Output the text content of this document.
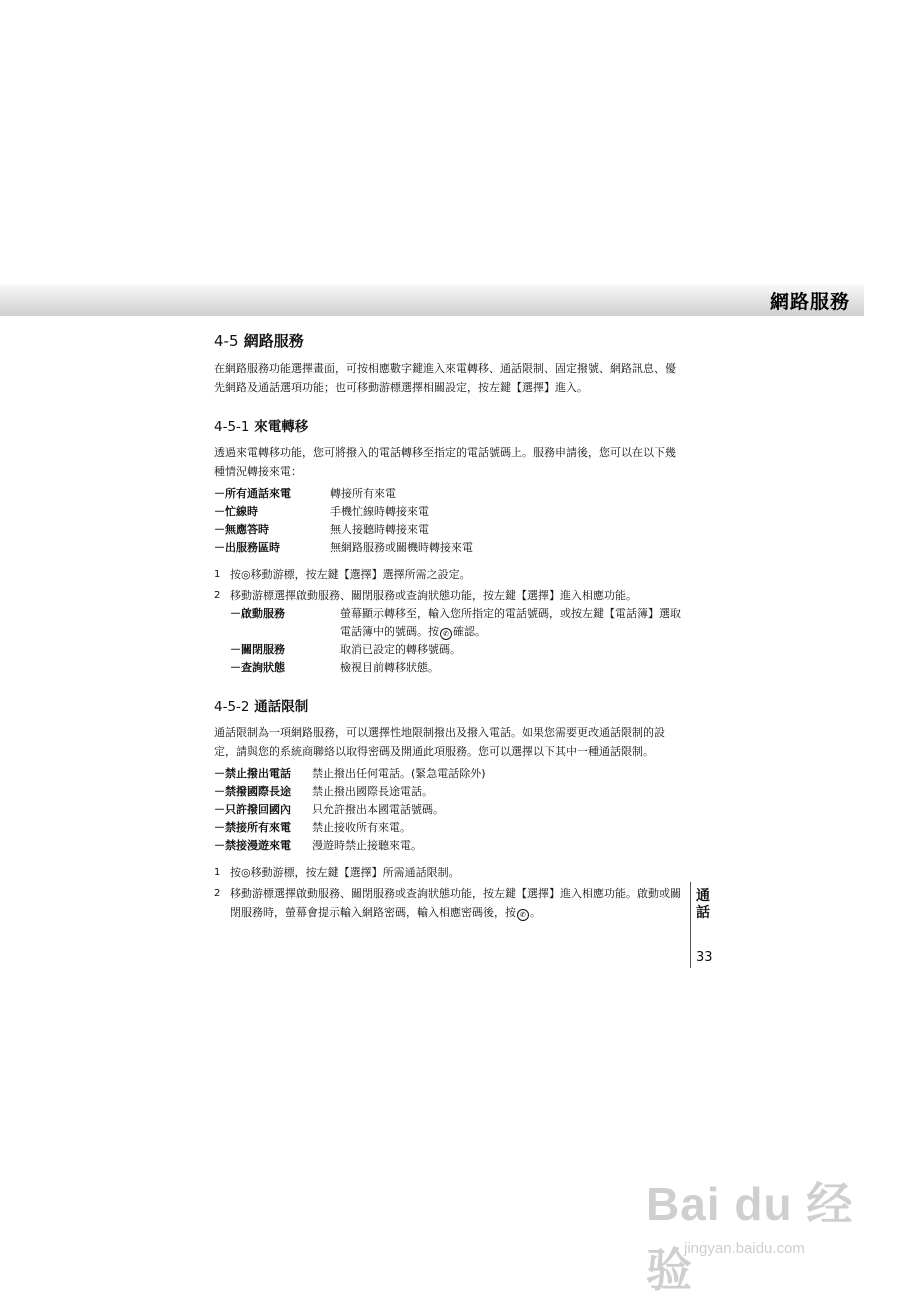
網路服務
4-5 網路服務

在網路服務功能選擇畫面，可按相應數字鍵進入來電轉移、通話限制、固定撥號、網路訊息、優先網路及通話選項功能；也可移動游標選擇相關設定，按左鍵【選擇】進入。

4-5-1 來電轉移

透過來電轉移功能，您可將撥入的電話轉移至指定的電話號碼上。服務申請後，您可以在以下幾種情況轉接來電：

－所有通話來電	轉接所有來電
－忙線時	手機忙線時轉接來電
－無應答時	無人接聽時轉接來電
－出服務區時	無網路服務或關機時轉接來電
1 按◎移動游標，按左鍵【選擇】選擇所需之設定。
2 移動游標選擇啟動服務、關閉服務或查詢狀態功能，按左鍵【選擇】進入相應功能。
－啟動服務	螢幕顯示轉移至，輸入您所指定的電話號碼，或按左鍵【電話簿】選取電話簿中的號碼。按 ✆ 確認。
－關閉服務	取消已設定的轉移號碼。
－查詢狀態	檢視目前轉移狀態。
4-5-2 通話限制

通話限制為一項網路服務，可以選擇性地限制撥出及撥入電話。如果您需要更改通話限制的設定，請與您的系統商聯絡以取得密碼及開通此項服務。您可以選擇以下其中一種通話限制。

－禁止撥出電話	禁止撥出任何電話。(緊急電話除外)
－禁撥國際長途	禁止撥出國際長途電話。
－只許撥回國內	只允許撥出本國電話號碼。
－禁接所有來電	禁止接收所有來電。
－禁接漫遊來電	漫遊時禁止接聽來電。
1 按◎移動游標，按左鍵【選擇】所需通話限制。
2 移動游標選擇啟動服務、關閉服務或查詢狀態功能，按左鍵【選擇】進入相應功能。啟動或關閉服務時，螢幕會提示輸入網路密碼，輸入相應密碼後，按 ✆ 。
通話
33
Bai du 经验
jingyan.baidu.com
